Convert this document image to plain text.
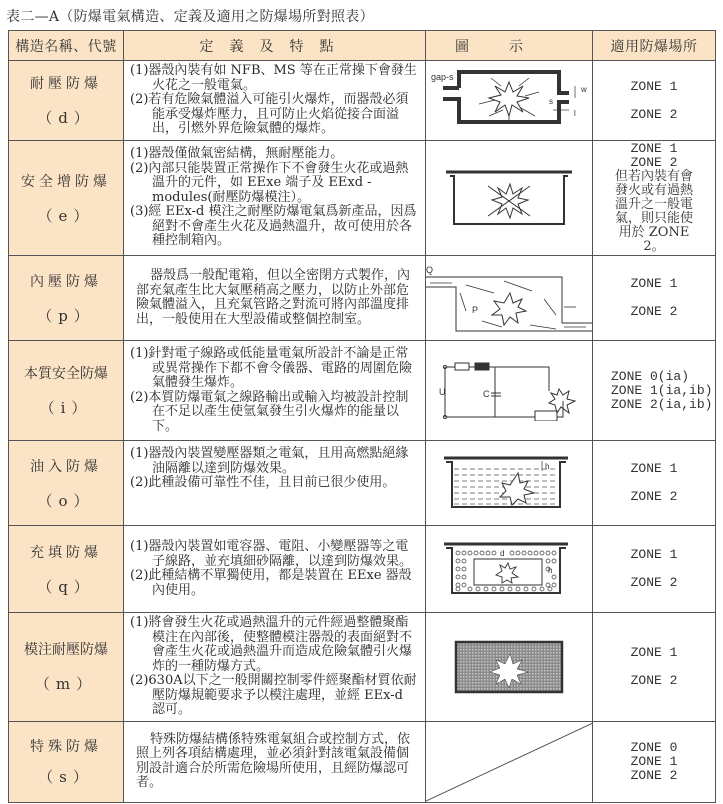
表二—A（防爆電氣構造、定義及適用之防爆場所對照表）
構造名稱、代號	定義及特點	圖示	適用防爆場所

耐壓防爆
（d）	(1)器殼內裝有如 NFB、MS 等在正常操下會發生火花之一般電氣。
(2)若有危險氣體溢入可能引火爆炸，而器殼必須能承受爆炸壓力，且可防止火焰從接合面溢出，引燃外界危險氣體的爆炸。	gap-s
s
w
l	ZONE 1
ZONE 2

安全增防爆
（e）	(1)器殼僅做氣密結構，無耐壓能力。
(2)內部只能裝置正常操作下不會發生火花或過熱溫升的元件，如 EExe 端子及 EExd -modules(耐壓防爆模注）。
(3)經 EEx-d 模注之耐壓防爆電氣爲新產品，因爲絕對不會產生火花及過熱溫升，故可使用於各種控制箱內。		ZONE 1
ZONE 2
但若內裝有會發火或有過熱溫升之一般電氣，則只能使用於 ZONE 2。

內壓防爆
（p）	器殼爲一般配電箱，但以全密閉方式製作，內部充氣產生比大氣壓稍高之壓力，以防止外部危險氣體溢入，且充氣管路之對流可將內部溫度排出，一般使用在大型設備或整個控制室。	Q
P	ZONE 1
ZONE 2

本質安全防爆
（i）	(1)針對電子線路或低能量電氣所設計不論是正常或異常操作下都不會令儀器、電路的周圍危險氣體發生爆炸。
(2)本質防爆電氣之線路輸出或輸入均被設計控制在不足以產生使氫氣發生引火爆炸的能量以下。	U C	ZONE 0(ia)
ZONE 1(ia,ib)
ZONE 2(ia,ib)

油入防爆
（o）	(1)器殼內裝置變壓器類之電氣，且用高燃點絕緣油隔離以達到防爆效果。
(2)此種設備可靠性不佳，且目前已很少使用。	h	ZONE 1
ZONE 2

充填防爆
（q）	(1)器殼內裝置如電容器、電阻、小變壓器等之電子線路，並充填細砂隔離，以達到防爆效果。
(2)此種結構不單獨使用，都是裝置在 EExe 器殼內使用。	d
h	ZONE 1
ZONE 2

模注耐壓防爆
（m）	(1)將會發生火花或過熱溫升的元件經過整體聚酯模注在內部後，使整體模注器殼的表面絕對不會產生火花或過熱溫升而造成危險氣體引火爆炸的一種防爆方式。
(2)630A以下之一般開關控制零件經聚酯材質依耐壓防爆規範要求予以模注處理，並經 EEx-d 認可。		ZONE 1
ZONE 2

特殊防爆
（s）	特殊防爆結構係特殊電氣組合或控制方式，依照上列各項結構處理，並必須針對該電氣設備個別設計適合於所需危險場所使用，且經防爆認可者。		ZONE 0
ZONE 1
ZONE 2
